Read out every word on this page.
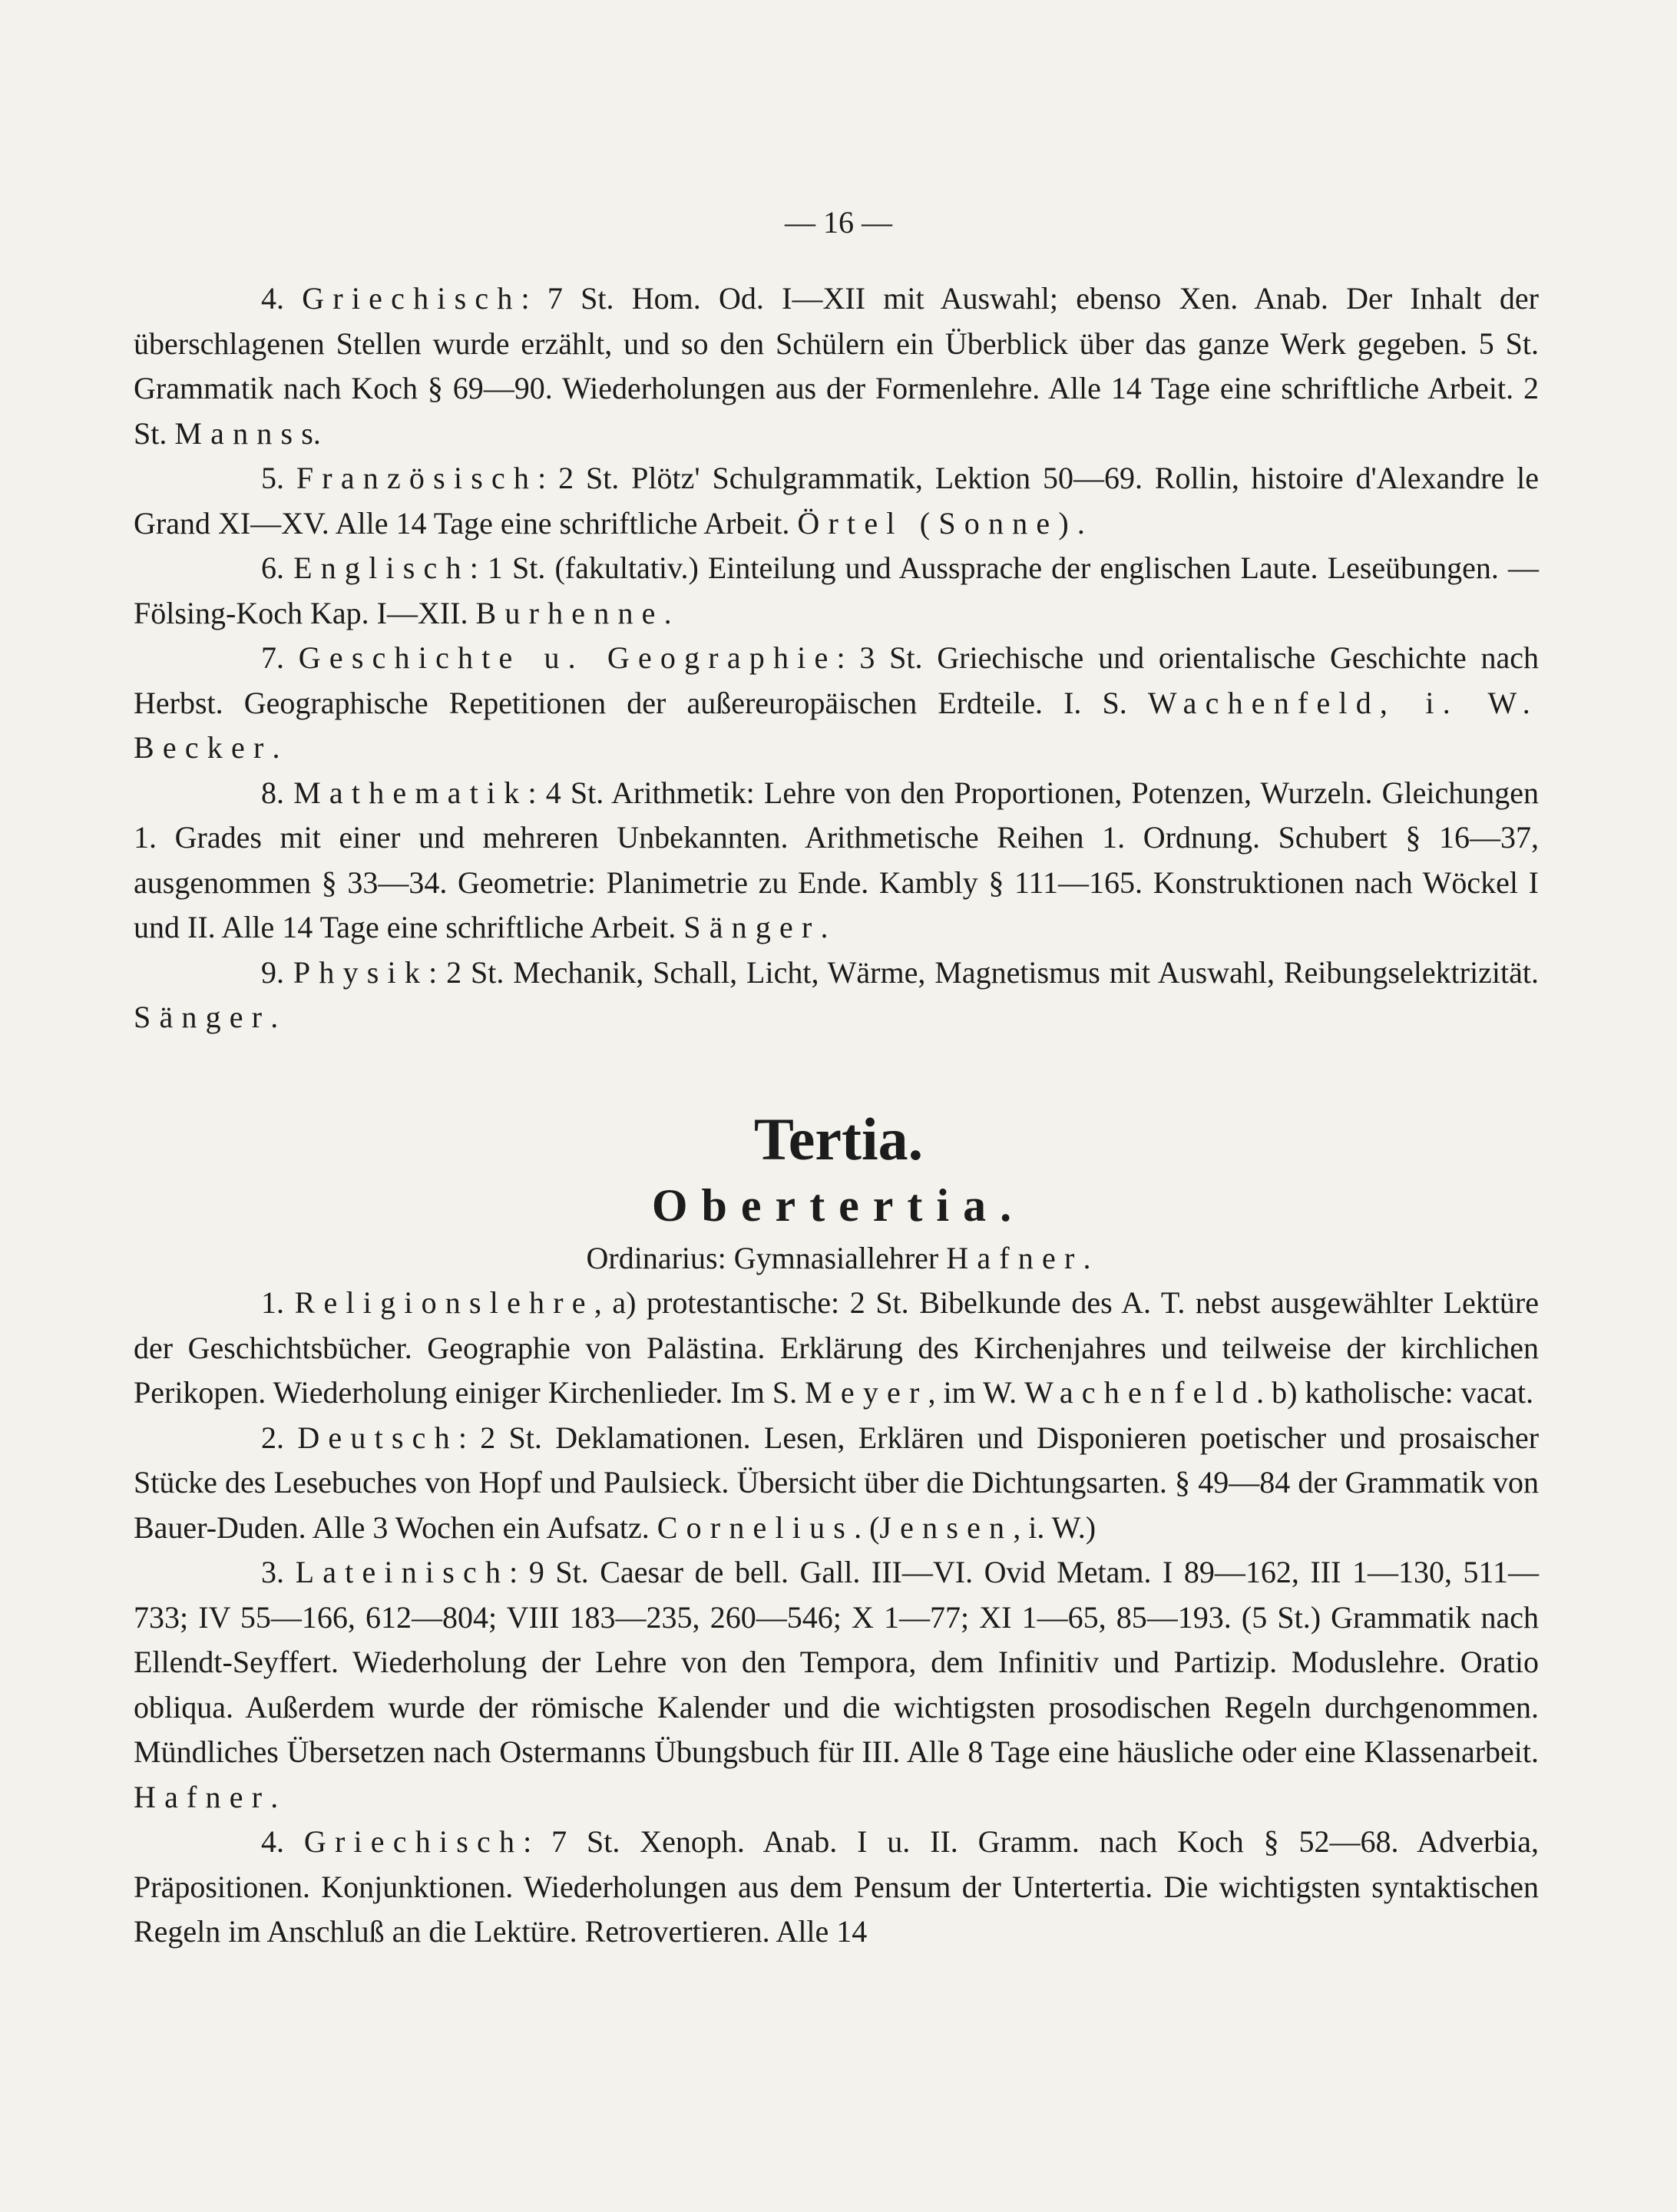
— 16 —

4. Griechisch: 7 St. Hom. Od. I—XII mit Auswahl; ebenso Xen. Anab. Der Inhalt der überschlagenen Stellen wurde erzählt, und so den Schülern ein Überblick über das ganze Werk gegeben. 5 St. Grammatik nach Koch § 69—90. Wiederholungen aus der Formenlehre. Alle 14 Tage eine schriftliche Arbeit. 2 St. Mannss.

5. Französisch: 2 St. Plötz' Schulgrammatik, Lektion 50—69. Rollin, histoire d'Alexandre le Grand XI—XV. Alle 14 Tage eine schriftliche Arbeit. Örtel (Sonne).

6. Englisch: 1 St. (fakultativ.) Einteilung und Aussprache der englischen Laute. Leseübungen. — Fölsing-Koch Kap. I—XII. Burhenne.

7. Geschichte u. Geographie: 3 St. Griechische und orientalische Geschichte nach Herbst. Geographische Repetitionen der außereuropäischen Erdteile. I. S. Wachenfeld, i. W. Becker.

8. Mathematik: 4 St. Arithmetik: Lehre von den Proportionen, Potenzen, Wurzeln. Gleichungen 1. Grades mit einer und mehreren Unbekannten. Arithmetische Reihen 1. Ordnung. Schubert § 16—37, ausgenommen § 33—34. Geometrie: Planimetrie zu Ende. Kambly § 111—165. Konstruktionen nach Wöckel I und II. Alle 14 Tage eine schriftliche Arbeit. Sänger.

9. Physik: 2 St. Mechanik, Schall, Licht, Wärme, Magnetismus mit Auswahl, Reibungselektrizität. Sänger.

Tertia.
Obertertia.
Ordinarius: Gymnasiallehrer Hafner.

1. Religionslehre, a) protestantische: 2 St. Bibelkunde des A. T. nebst ausgewählter Lektüre der Geschichtsbücher. Geographie von Palästina. Erklärung des Kirchenjahres und teilweise der kirchlichen Perikopen. Wiederholung einiger Kirchenlieder. Im S. Meyer, im W. Wachenfeld. b) katholische: vacat.

2. Deutsch: 2 St. Deklamationen. Lesen, Erklären und Disponieren poetischer und prosaischer Stücke des Lesebuches von Hopf und Paulsieck. Übersicht über die Dichtungsarten. § 49—84 der Grammatik von Bauer-Duden. Alle 3 Wochen ein Aufsatz. Cornelius. (Jensen, i. W.)

3. Lateinisch: 9 St. Caesar de bell. Gall. III—VI. Ovid Metam. I 89—162, III 1—130, 511—733; IV 55—166, 612—804; VIII 183—235, 260—546; X 1—77; XI 1—65, 85—193. (5 St.) Grammatik nach Ellendt-Seyffert. Wiederholung der Lehre von den Tempora, dem Infinitiv und Partizip. Moduslehre. Oratio obliqua. Außerdem wurde der römische Kalender und die wichtigsten prosodischen Regeln durchgenommen. Mündliches Übersetzen nach Ostermanns Übungsbuch für III. Alle 8 Tage eine häusliche oder eine Klassenarbeit. Hafner.

4. Griechisch: 7 St. Xenoph. Anab. I u. II. Gramm. nach Koch § 52—68. Adverbia, Präpositionen. Konjunktionen. Wiederholungen aus dem Pensum der Untertertia. Die wichtigsten syntaktischen Regeln im Anschluß an die Lektüre. Retrovertieren. Alle 14
